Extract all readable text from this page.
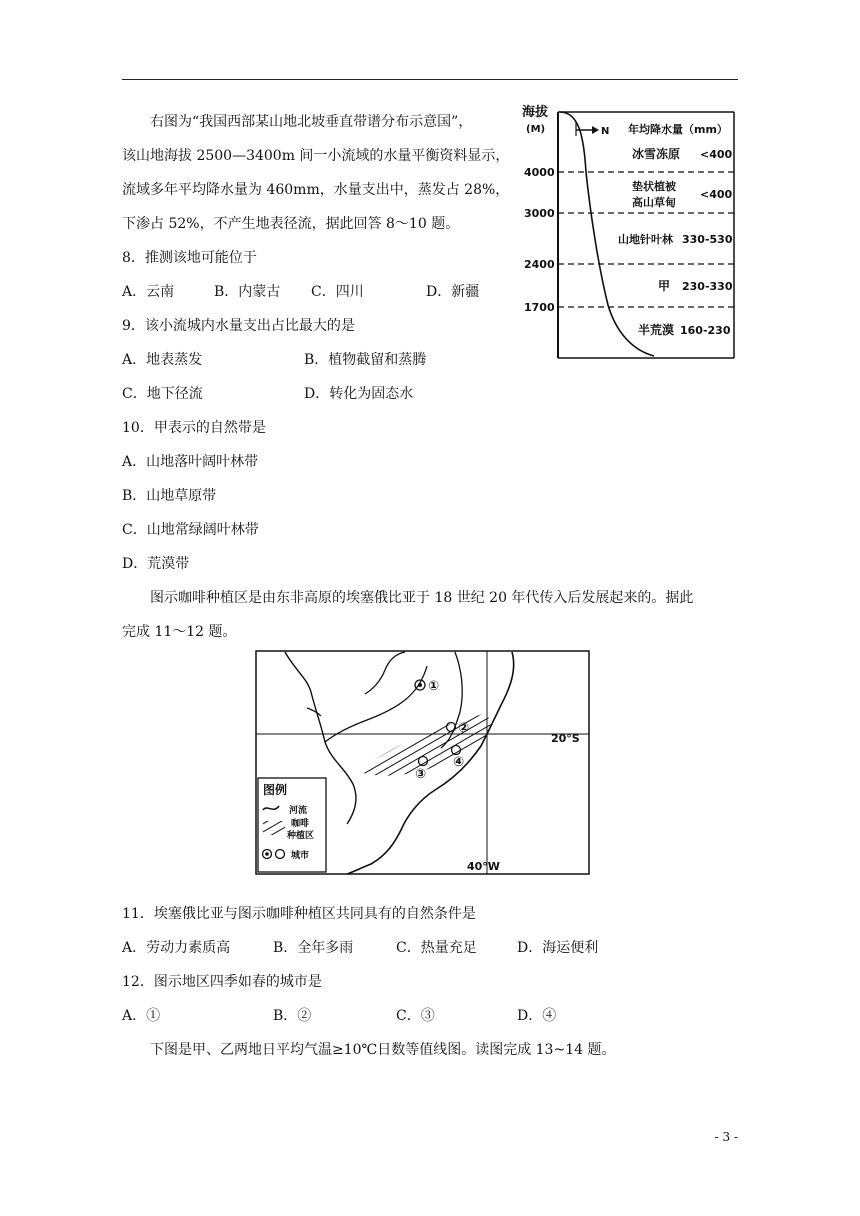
右图为“我国西部某山地北坡垂直带谱分布示意国”，
该山地海拔 2500—3400m 间一小流域的水量平衡资料显示，
流域多年平均降水量为 460mm，水量支出中，蒸发占 28%，
下渗占 52%，不产生地表径流，据此回答 8～10 题。
8．推测该地可能位于
A．云南	B．内蒙古 C．四川	D．新疆
9．该小流城内水量支出占比最大的是
A．地表蒸发	B．植物截留和蒸腾
C．地下径流	D．转化为固态水
10．甲表示的自然带是
A．山地落叶阔叶林带
B．山地草原带
C．山地常绿阔叶林带
D．荒漠带
图示咖啡种植区是由东非高原的埃塞俄比亚于 18 世纪 20 年代传入后发展起来的。据此
完成 11～12 题。
11．埃塞俄比亚与图示咖啡种植区共同具有的自然条件是
A．劳动力素质高	B．全年多雨	C．热量充足	D．海运便利
12．图示地区四季如春的城市是
A．①	B．②	C．③	D．④
下图是甲、乙两地日平均气温≥10℃日数等值线图。读图完成 13~14 题。
海拔
(M)	N 年均降水量（mm）
4000
3000
2400
1700
冰雪冻原 <400
垫状植被
高山草甸
<400
山地针叶林 330-530
甲 230-330
半荒漠 160-230
20°S
40°W
①
②
③
④
图例
河流
咖啡
种植区
城市
- 3 -
